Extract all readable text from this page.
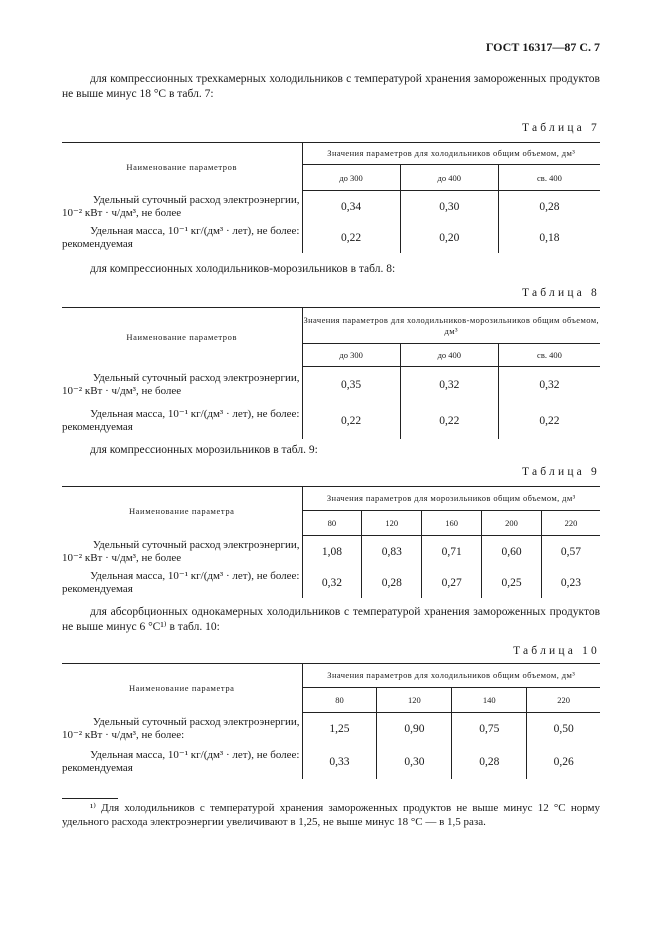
ГОСТ 16317—87 С. 7
для компрессионных трехкамерных холодильников с температурой хранения замороженных продуктов не выше минус 18 °С в табл. 7:
Таблица 7
Наименование параметров	Значения параметров для холодильников общим объемом, дм³		
	до 300	до 400	св. 400

Удельный суточный расход электроэнергии,
10⁻² кВт · ч/дм³, не более	0,34	0,30	0,28

Удельная масса, 10⁻¹ кг/(дм³ · лет), не более:
рекомендуемая	0,22	0,20	0,18
для компрессионных холодильников-морозильников в табл. 8:
Таблица 8
Наименование параметров	Значения параметров для холодильников-морозильников общим объемом, дм³		
	до 300	до 400	св. 400

Удельный суточный расход электроэнергии,
10⁻² кВт · ч/дм³, не более	0,35	0,32	0,32

Удельная масса, 10⁻¹ кг/(дм³ · лет), не более:
рекомендуемая	0,22	0,22	0,22
для компрессионных морозильников в табл. 9:
Таблица 9
Наименование параметра	Значения параметров для морозильников общим объемом, дм³				
	80	120	160	200	220

Удельный суточный расход электроэнергии,
10⁻² кВт · ч/дм³, не более	1,08	0,83	0,71	0,60	0,57

Удельная масса, 10⁻¹ кг/(дм³ · лет), не более:
рекомендуемая	0,32	0,28	0,27	0,25	0,23
для абсорбционных однокамерных холодильников с температурой хранения замороженных продуктов не выше минус 6 °С¹⁾ в табл. 10:
Таблица 10
Наименование параметра	Значения параметров для холодильников общим объемом, дм³			
	80	120	140	220

Удельный суточный расход электроэнергии,
10⁻² кВт · ч/дм³, не более:	1,25	0,90	0,75	0,50

Удельная масса, 10⁻¹ кг/(дм³ · лет), не более:
рекомендуемая	0,33	0,30	0,28	0,26
¹⁾ Для холодильников с температурой хранения замороженных продуктов не выше минус 12 °С норму удельного расхода электроэнергии увеличивают в 1,25, не выше минус 18 °С — в 1,5 раза.
